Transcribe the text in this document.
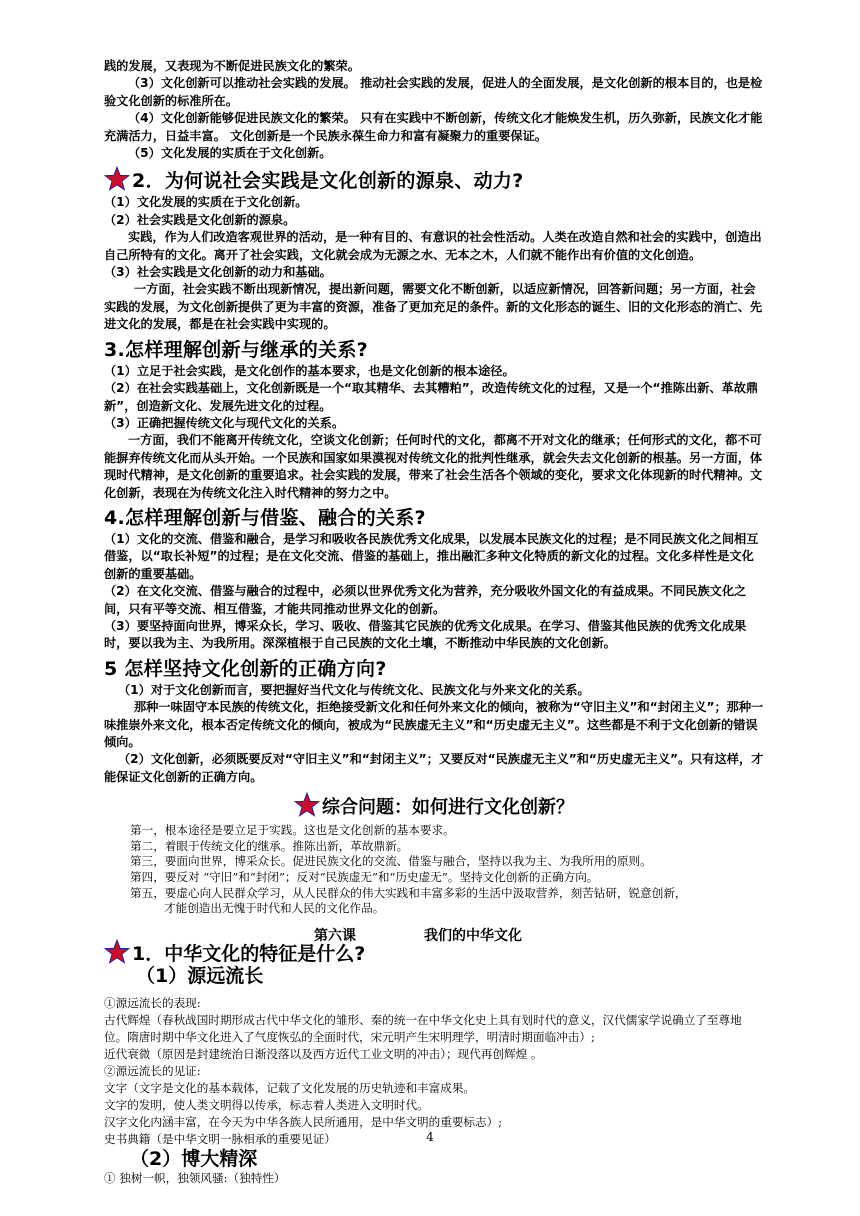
践的发展，又表现为不断促进民族文化的繁荣。

（3）文化创新可以推动社会实践的发展。 推动社会实践的发展，促进人的全面发展，是文化创新的根本目的，也是检验文化创新的标准所在。

（4）文化创新能够促进民族文化的繁荣。 只有在实践中不断创新，传统文化才能焕发生机，历久弥新，民族文化才能充满活力，日益丰富。 文化创新是一个民族永葆生命力和富有凝聚力的重要保证。

（5）文化发展的实质在于文化创新。

2．为何说社会实践是文化创新的源泉、动力?

（1）文化发展的实质在于文化创新。

（2）社会实践是文化创新的源泉。

实践，作为人们改造客观世界的活动，是一种有目的、有意识的社会性活动。人类在改造自然和社会的实践中，创造出自己所特有的文化。离开了社会实践，文化就会成为无源之水、无本之木，人们就不能作出有价值的文化创造。

（3）社会实践是文化创新的动力和基础。

一方面，社会实践不断出现新情况，提出新问题，需要文化不断创新，以适应新情况，回答新问题；另一方面，社会实践的发展，为文化创新提供了更为丰富的资源，准备了更加充足的条件。新的文化形态的诞生、旧的文化形态的消亡、先进文化的发展，都是在社会实践中实现的。

3.怎样理解创新与继承的关系?

（1）立足于社会实践，是文化创作的基本要求，也是文化创新的根本途径。

（2）在社会实践基础上，文化创新既是一个“取其精华、去其糟粕”，改造传统文化的过程，又是一个“推陈出新、革故鼎新”，创造新文化、发展先进文化的过程。

（3）正确把握传统文化与现代文化的关系。

一方面，我们不能离开传统文化，空谈文化创新；任何时代的文化，都离不开对文化的继承；任何形式的文化，都不可能摒弃传统文化而从头开始。一个民族和国家如果漠视对传统文化的批判性继承，就会失去文化创新的根基。另一方面，体现时代精神，是文化创新的重要追求。社会实践的发展，带来了社会生活各个领域的变化，要求文化体现新的时代精神。文化创新，表现在为传统文化注入时代精神的努力之中。

4.怎样理解创新与借鉴、融合的关系?

（1）文化的交流、借鉴和融合，是学习和吸收各民族优秀文化成果，以发展本民族文化的过程；是不同民族文化之间相互借鉴，以“取长补短”的过程；是在文化交流、借鉴的基础上，推出融汇多种文化特质的新文化的过程。文化多样性是文化创新的重要基础。

（2）在文化交流、借鉴与融合的过程中，必须以世界优秀文化为营养，充分吸收外国文化的有益成果。不同民族文化之间，只有平等交流、相互借鉴，才能共同推动世界文化的创新。

（3）要坚持面向世界，博采众长，学习、吸收、借鉴其它民族的优秀文化成果。在学习、借鉴其他民族的优秀文化成果时，要以我为主、为我所用。深深植根于自己民族的文化土壤，不断推动中华民族的文化创新。

5 怎样坚持文化创新的正确方向?

（1）对于文化创新而言，要把握好当代文化与传统文化、民族文化与外来文化的关系。

那种一味固守本民族的传统文化，拒绝接受新文化和任何外来文化的倾向，被称为“守旧主义”和“封闭主义”；那种一味推崇外来文化，根本否定传统文化的倾向，被成为“民族虚无主义”和“历史虚无主义”。这些都是不利于文化创新的错误倾向。

（2）文化创新，必须既要反对“守旧主义”和“封闭主义”；又要反对“民族虚无主义”和“历史虚无主义”。只有这样，才能保证文化创新的正确方向。

综合问题：如何进行文化创新？

第一，根本途径是要立足于实践。这也是文化创新的基本要求。

第二，着眼于传统文化的继承。推陈出新，革故鼎新。

第三，要面向世界，博采众长。促进民族文化的交流、借鉴与融合，坚持以我为主、为我所用的原则。

第四，要反对 “守旧”和“封闭”；反对“民族虚无”和“历史虚无”。坚持文化创新的正确方向。

第五，要虚心向人民群众学习，从人民群众的伟大实践和丰富多彩的生活中汲取营养，刻苦钻研，锐意创新，

才能创造出无愧于时代和人民的文化作品。

第六课	我们的中华文化
1．中华文化的特征是什么?
（1）源远流长

①源远流长的表现:

古代辉煌（春秋战国时期形成古代中华文化的雏形、秦的统一在中华文化史上具有划时代的意义，汉代儒家学说确立了至尊地位。隋唐时期中华文化进入了气度恢弘的全面时代，宋元明产生宋明理学，明清时期面临冲击）;

近代衰微（原因是封建统治日渐没落以及西方近代工业文明的冲击）；现代再创辉煌 。

②源远流长的见证:

文字（文字是文化的基本载体，记载了文化发展的历史轨迹和丰富成果。

文字的发明，使人类文明得以传承，标志着人类进入文明时代。

汉字文化内涵丰富，在今天为中华各族人民所通用，是中华文明的重要标志）;

史书典籍（是中华文明一脉相承的重要见证）

（2）博大精深

① 独树一帜，独领风骚:（独特性）

4
